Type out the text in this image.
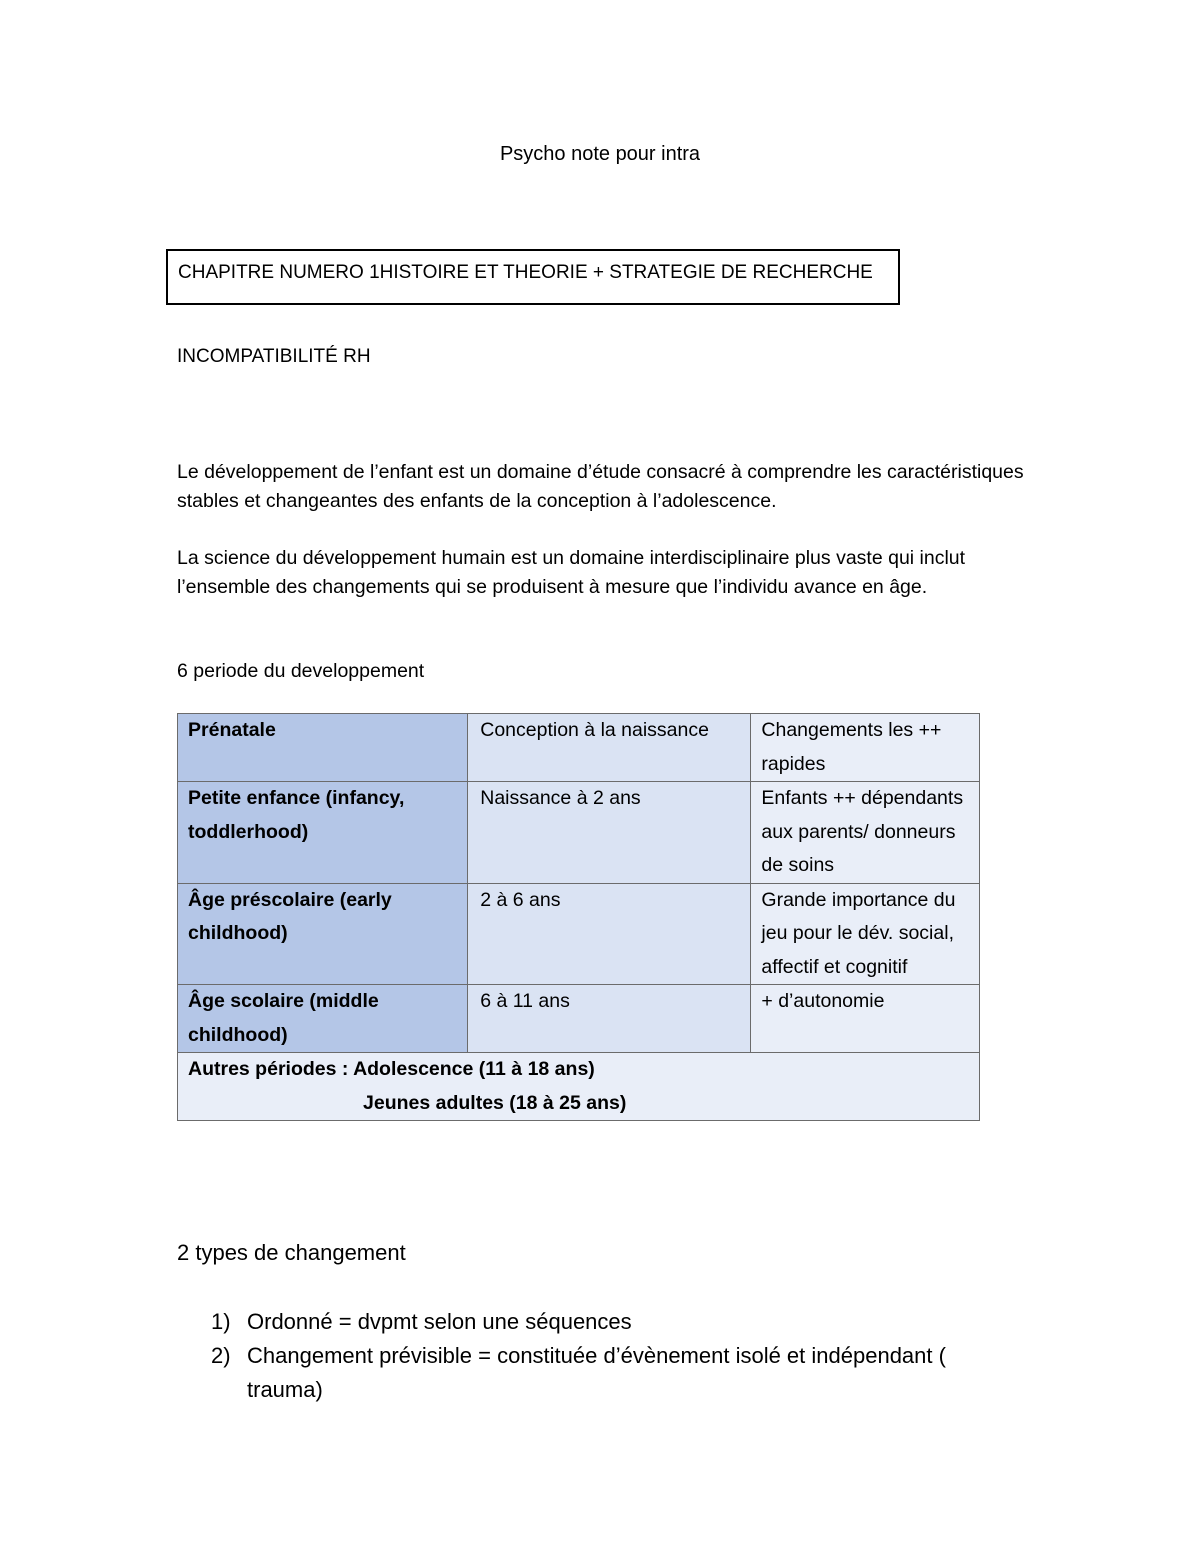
Psycho note pour intra
CHAPITRE NUMERO 1HISTOIRE ET THEORIE + STRATEGIE DE RECHERCHE
INCOMPATIBILITÉ RH
Le développement de l’enfant est un domaine d’étude consacré à comprendre les caractéristiques stables et changeantes des enfants de la conception à l’adolescence.
La science du développement humain est un domaine interdisciplinaire plus vaste qui inclut l’ensemble des changements qui se produisent à mesure que l’individu avance en âge.
6 periode du developpement
Prénatale	Conception à la naissance	Changements les ++ rapides
Petite enfance (infancy, toddlerhood)	Naissance à 2 ans	Enfants ++ dépendants aux parents/ donneurs de soins
Âge préscolaire (early childhood)	2 à 6 ans	Grande importance du jeu pour le dév. social, affectif et cognitif
Âge scolaire (middle childhood)	6 à 11 ans	+ d’autonomie

Autres périodes : Adolescence (11 à 18 ans)
Jeunes adultes (18 à 25 ans)		
2 types de changement
1) Ordonné = dvpmt selon une séquences
2) Changement prévisible = constituée d’évènement isolé et indépendant ( trauma)
